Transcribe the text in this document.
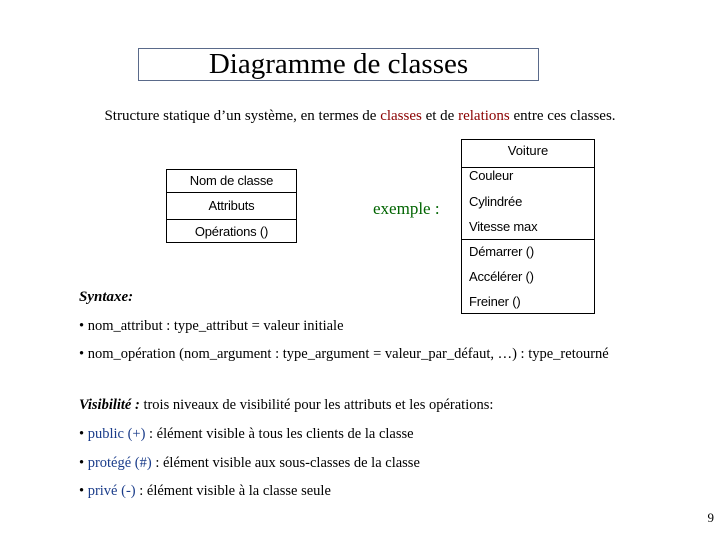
Diagramme de classes
Structure statique d’un système, en termes de classes et de relations entre ces classes.
Nom de classe
Attributs
Opérations ()
exemple :
Voiture
Couleur
Cylindrée
Vitesse max
Démarrer ()
Accélérer ()
Freiner ()
Syntaxe:
• nom_attribut : type_attribut = valeur initiale
• nom_opération (nom_argument : type_argument = valeur_par_défaut, …) : type_retourné
Visibilité : trois niveaux de visibilité pour les attributs et les opérations:
• public (+) : élément visible à tous les clients de la classe
• protégé (#) : élément visible aux sous-classes de la classe
• privé (-) : élément visible à la classe seule
9
